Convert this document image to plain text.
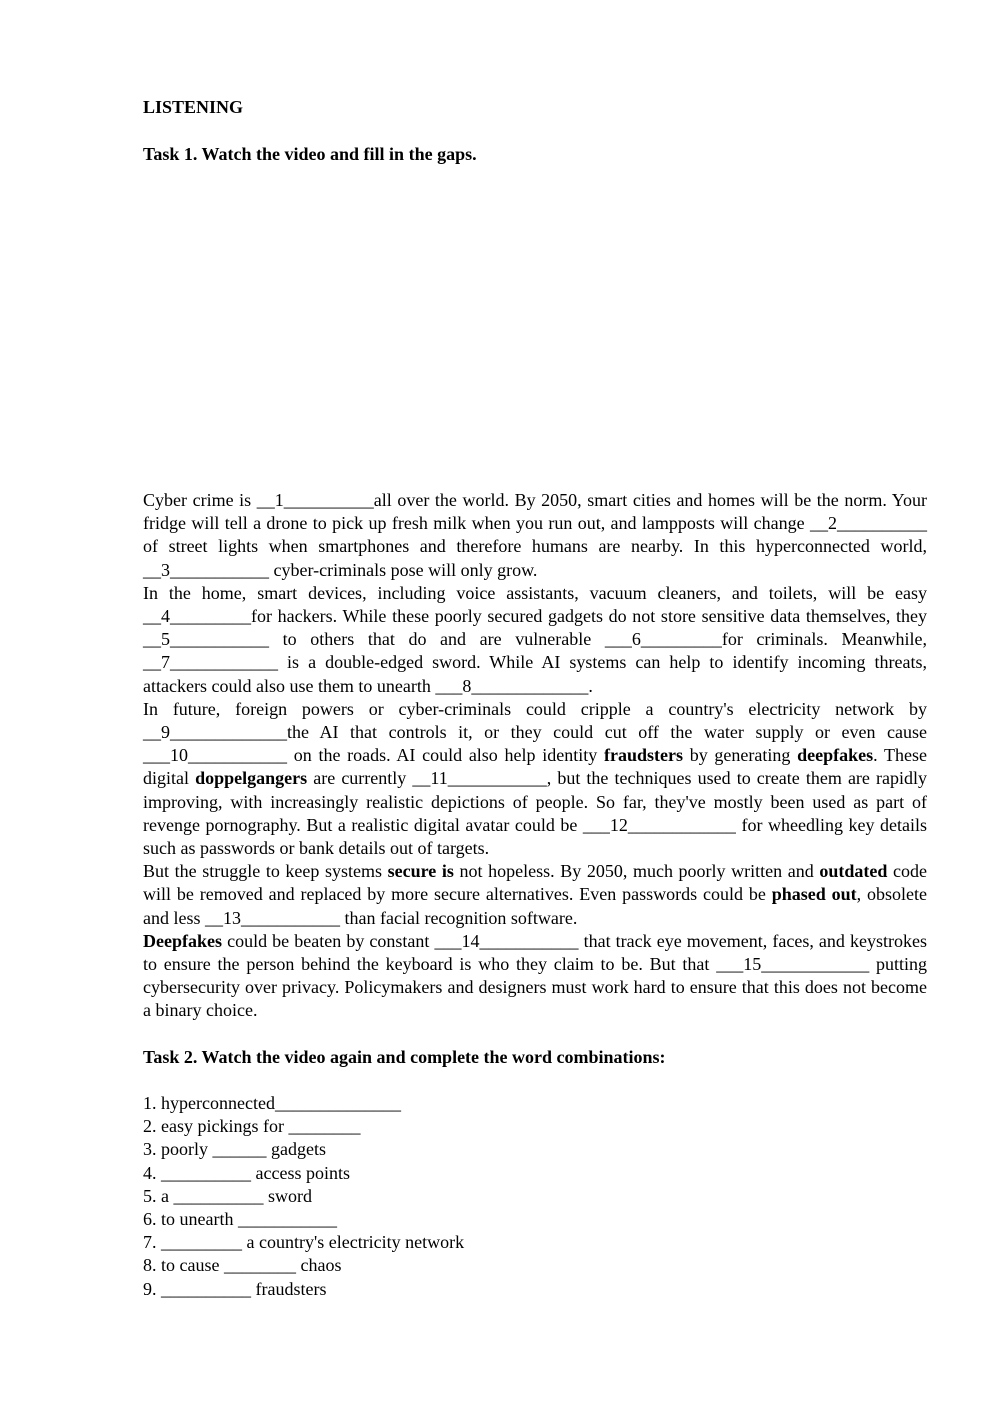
LISTENING
Task 1. Watch the video and fill in the gaps.

Cyber crime is __1__________all over the world. By 2050, smart cities and homes will be the norm. Your fridge will tell a drone to pick up fresh milk when you run out, and lampposts will change __2__________ of street lights when smartphones and therefore humans are nearby. In this hyperconnected world, __3___________ cyber-criminals pose will only grow.

In the home, smart devices, including voice assistants, vacuum cleaners, and toilets, will be easy __4_________for hackers. While these poorly secured gadgets do not store sensitive data themselves, they __5___________ to others that do and are vulnerable ___6_________for criminals. Meanwhile, __7____________ is a double-edged sword. While AI systems can help to identify incoming threats, attackers could also use them to unearth ___8_____________.

In future, foreign powers or cyber-criminals could cripple a country's electricity network by __9_____________the AI that controls it, or they could cut off the water supply or even cause ___10___________ on the roads. AI could also help identity fraudsters by generating deepfakes. These digital doppelgangers are currently __11___________, but the techniques used to create them are rapidly improving, with increasingly realistic depictions of people. So far, they've mostly been used as part of revenge pornography. But a realistic digital avatar could be ___12____________ for wheedling key details such as passwords or bank details out of targets.

But the struggle to keep systems secure is not hopeless. By 2050, much poorly written and outdated code will be removed and replaced by more secure alternatives. Even passwords could be phased out, obsolete and less __13___________ than facial recognition software.

Deepfakes could be beaten by constant ___14___________ that track eye movement, faces, and keystrokes to ensure the person behind the keyboard is who they claim to be. But that ___15____________ putting cybersecurity over privacy. Policymakers and designers must work hard to ensure that this does not become a binary choice.

Task 2. Watch the video again and complete the word combinations:
1. hyperconnected______________
2. easy pickings for ________
3. poorly ______ gadgets
4. __________ access points
5. a __________ sword
6. to unearth ___________
7. _________ a country's electricity network
8. to cause ________ chaos
9. __________ fraudsters
